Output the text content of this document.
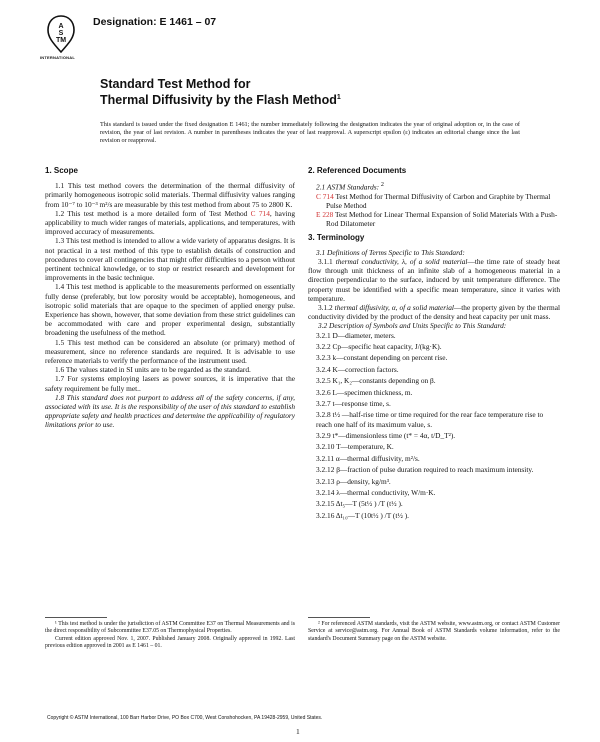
A
S
TM
INTERNATIONAL
Designation: E 1461 – 07
Standard Test Method for
Thermal Diffusivity by the Flash Method$^1$
This standard is issued under the fixed designation E 1461; the number immediately following the designation indicates the year of original adoption or, in the case of revision, the year of last revision. A number in parentheses indicates the year of last reapproval. A superscript epsilon (ε) indicates an editorial change since the last revision or reapproval.
1. Scope

1.1 This test method covers the determination of the thermal diffusivity of primarily homogeneous isotropic solid materials. Thermal diffusivity values ranging from 10⁻⁷ to 10⁻³ m²/s are measurable by this test method from about 75 to 2800 K.

1.2 This test method is a more detailed form of Test Method C 714, having applicability to much wider ranges of materials, applications, and temperatures, with improved accuracy of measurements.

1.3 This test method is intended to allow a wide variety of apparatus designs. It is not practical in a test method of this type to establish details of construction and procedures to cover all contingencies that might offer difficulties to a person without pertinent technical knowledge, or to stop or restrict research and development for improvements in the basic technique.

1.4 This test method is applicable to the measurements performed on essentially fully dense (preferably, but low porosity would be acceptable), homogeneous, and isotropic solid materials that are opaque to the specimen of applied energy pulse. Experience has shown, however, that some deviation from these strict guidelines can be accommodated with care and proper experimental design, substantially broadening the usefulness of the method.

1.5 This test method can be considered an absolute (or primary) method of measurement, since no reference standards are required. It is advisable to use reference materials to verify the performance of the instrument used.

1.6 The values stated in SI units are to be regarded as the standard.

1.7 For systems employing lasers as power sources, it is imperative that the safety requirement be fully met..

1.8 This standard does not purport to address all of the safety concerns, if any, associated with its use. It is the responsibility of the user of this standard to establish appropriate safety and health practices and determine the applicability of regulatory limitations prior to use.

2. Referenced Documents

2.1 ASTM Standards: $^2$

C 714 Test Method for Thermal Diffusivity of Carbon and Graphite by Thermal Pulse Method

E 228 Test Method for Linear Thermal Expansion of Solid Materials With a Push-Rod Dilatometer

3. Terminology

3.1 Definitions of Terms Specific to This Standard:

3.1.1 thermal conductivity, λ, of a solid material—the time rate of steady heat flow through unit thickness of an infinite slab of a homogeneous material in a direction perpendicular to the surface, induced by unit temperature difference. The property must be identified with a specific mean temperature, since it varies with temperature.

3.1.2 thermal diffusivity, α, of a solid material—the property given by the thermal conductivity divided by the product of the density and heat capacity per unit mass.

3.2 Description of Symbols and Units Specific to This Standard:

3.2.1 D—diameter, meters.

3.2.2 Cp—specific heat capacity, J/(kg·K).

3.2.3 k—constant depending on percent rise.

3.2.4 K—correction factors.

3.2.5 K₁, K₂—constants depending on β.

3.2.6 L—specimen thickness, m.

3.2.7 t—response time, s.

3.2.8 t½ —half-rise time or time required for the rear face temperature rise to reach one half of its maximum value, s.

3.2.9 t*—dimensionless time (t* = 4α, t/D_T²).

3.2.10 T—temperature, K.

3.2.11 α—thermal diffusivity, m²/s.

3.2.12 β—fraction of pulse duration required to reach maximum intensity.

3.2.13 ρ—density, kg/m³.

3.2.14 λ—thermal conductivity, W/m·K.

3.2.15 Δt₅—T (5t½ ) /T (t½ ).

3.2.16 Δt₁₀—T (10t½ ) /T (t½ ).

¹ This test method is under the jurisdiction of ASTM Committee E37 on Thermal Measurements and is the direct responsibility of Subcommittee E37.05 on Thermophysical Properties.

Current edition approved Nov. 1, 2007. Published January 2008. Originally approved in 1992. Last previous edition approved in 2001 as E 1461 – 01.

² For referenced ASTM standards, visit the ASTM website, www.astm.org, or contact ASTM Customer Service at service@astm.org. For Annual Book of ASTM Standards volume information, refer to the standard's Document Summary page on the ASTM website.

Copyright © ASTM International, 100 Barr Harbor Drive, PO Box C700, West Conshohocken, PA 19428-2959, United States.
1
